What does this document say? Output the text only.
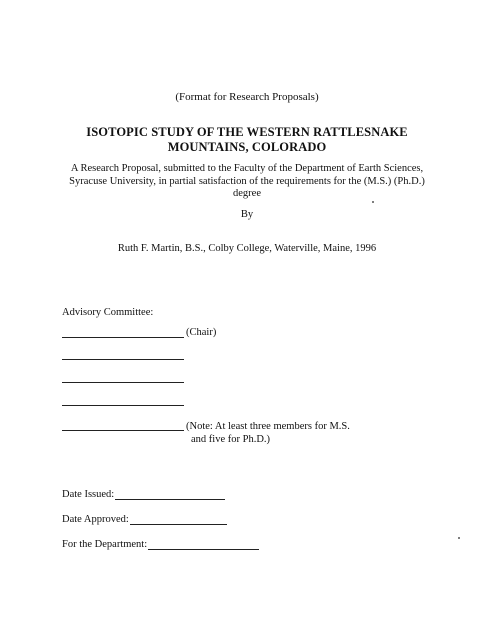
(Format for Research Proposals)
ISOTOPIC STUDY OF THE WESTERN RATTLESNAKE
MOUNTAINS, COLORADO
A Research Proposal, submitted to the Faculty of the Department of Earth Sciences,
Syracuse University, in partial satisfaction of the requirements for the (M.S.) (Ph.D.)
degree
By
Ruth F. Martin, B.S., Colby College, Waterville, Maine, 1996
Advisory Committee:
(Chair)
(Note: At least three members for M.S.
and five for Ph.D.)
Date Issued:
Date Approved:
For the Department:
